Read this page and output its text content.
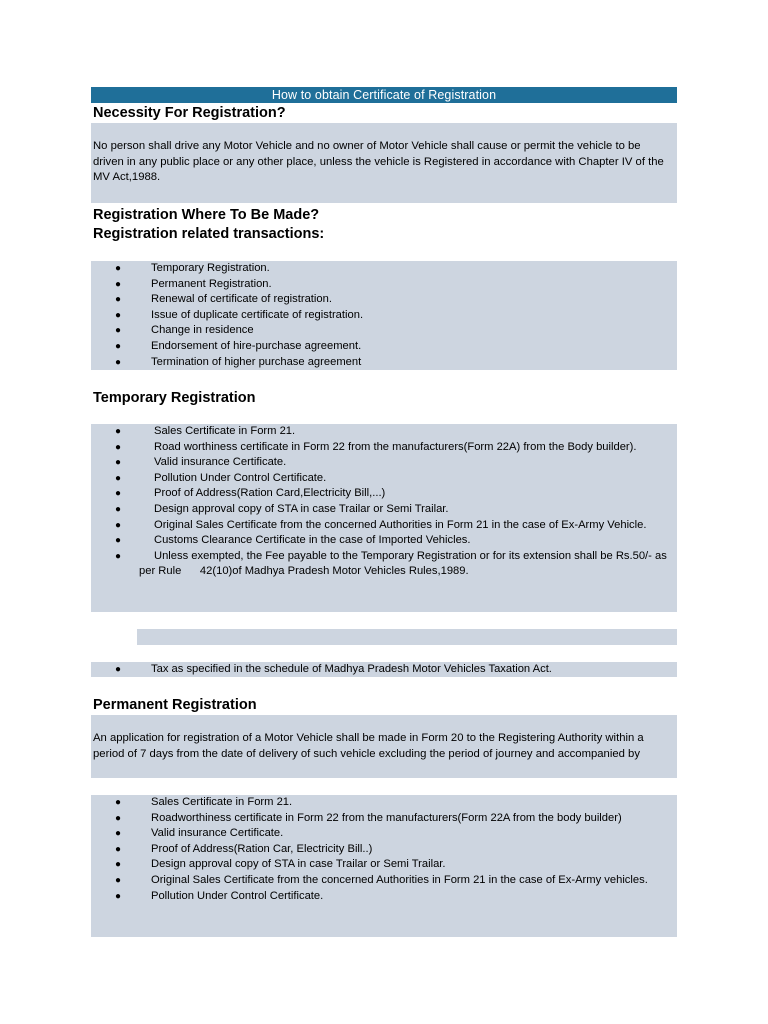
How to obtain Certificate of Registration
Necessity For Registration?

No person shall drive any Motor Vehicle and no owner of Motor Vehicle shall cause or permit the vehicle to be driven in any public place or any other place, unless the vehicle is Registered in accordance with Chapter IV of the MV Act,1988.

Registration Where To Be Made?
Registration related transactions:
●	Temporary Registration.
●	Permanent Registration.
●	Renewal of certificate of registration.
●	Issue of duplicate certificate of registration.
●	Change in residence
●	Endorsement of hire-purchase agreement.
●	Termination of higher purchase agreement
Temporary Registration
●	Sales Certificate in Form 21.
●	Road worthiness certificate in Form 22 from the manufacturers(Form 22A) from the Body builder).
●	Valid insurance Certificate.
●	Pollution Under Control Certificate.
●	Proof of Address(Ration Card,Electricity Bill,...)
●	Design approval copy of STA in case Trailar or Semi Trailar.
●	Original Sales Certificate from the concerned Authorities in Form 21 in the case of Ex-Army Vehicle.
●	Customs Clearance Certificate in the case of Imported Vehicles.
●	Unless exempted, the Fee payable to the Temporary Registration or for its extension shall be Rs.50/- as per Rule      42(10)of Madhya Pradesh Motor Vehicles Rules,1989.
●	Tax as specified in the schedule of Madhya Pradesh Motor Vehicles Taxation Act.
Permanent Registration

An application for registration of a Motor Vehicle shall be made in Form 20 to the Registering Authority within a period of 7 days from the date of delivery of such vehicle excluding the period of journey and accompanied by

●	Sales Certificate in Form 21.
●	Roadworthiness certificate in Form 22 from the manufacturers(Form 22A from the body builder)
●	Valid insurance Certificate.
●	Proof of Address(Ration Car, Electricity Bill..)
●	Design approval copy of STA in case Trailar or Semi Trailar.
●	Original Sales Certificate from the concerned Authorities in Form 21 in the case of Ex-Army vehicles.
●	Pollution Under Control Certificate.
